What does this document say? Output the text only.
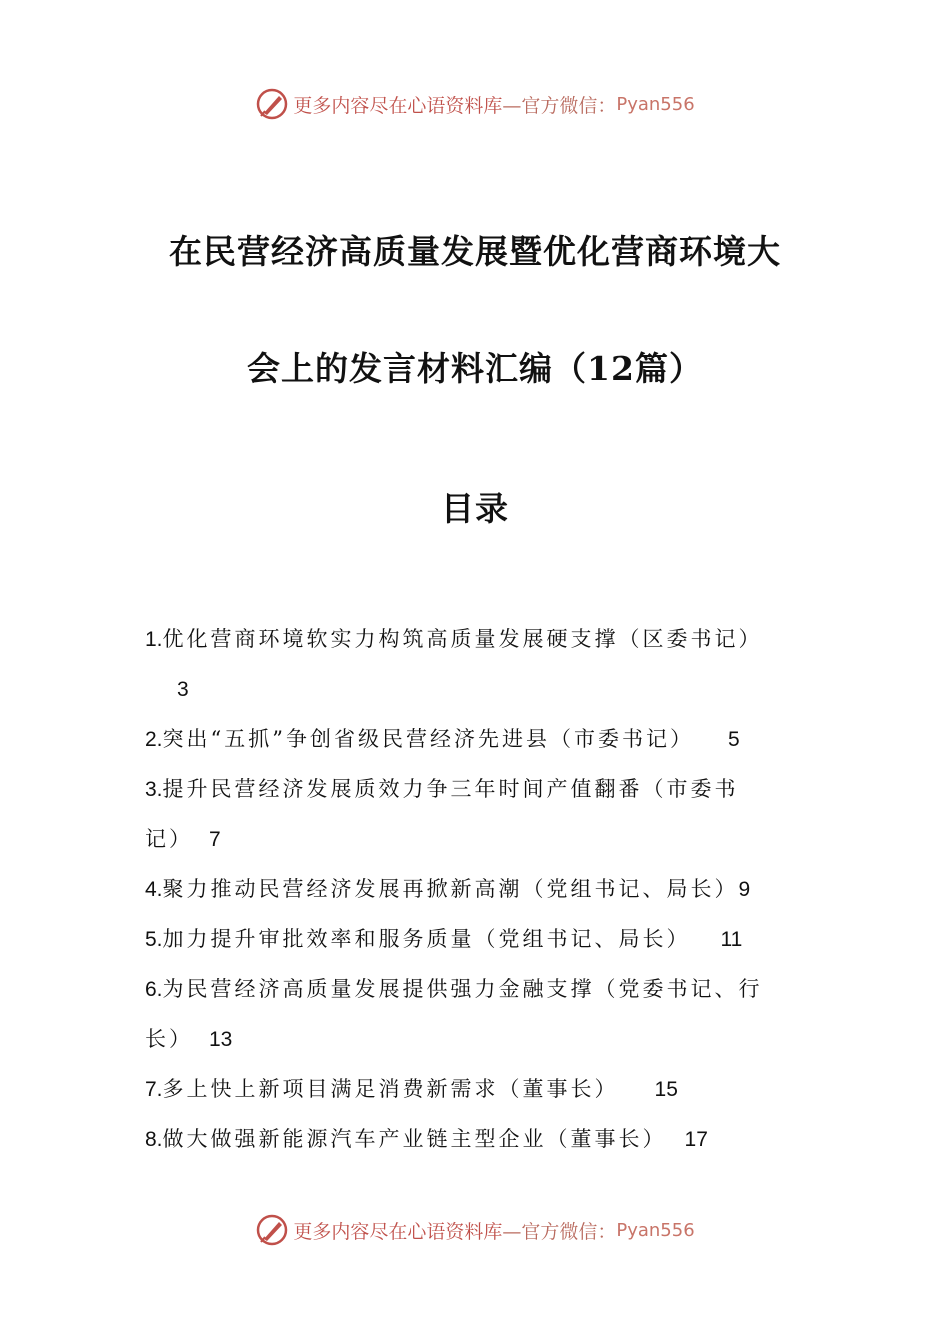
更多内容尽在心语资料库 —官方微信： Pyan556
在民营经济高质量发展暨优化营商环境大
会上的发言材料汇编（12篇）
目录
1.优化营商环境软实力构筑高质量发展硬支撑（区委书记）
3
2.突出“五抓”争创省级民营经济先进县（市委书记） 5
3.提升民营经济发展质效力争三年时间产值翻番（市委书
记） 7
4.聚力推动民营经济发展再掀新高潮（党组书记、局长）9
5.加力提升审批效率和服务质量（党组书记、局长） 11
6.为民营经济高质量发展提供强力金融支撑（党委书记、行
长） 13
7.多上快上新项目满足消费新需求（董事长） 15
8.做大做强新能源汽车产业链主型企业（董事长） 17
更多内容尽在心语资料库 —官方微信： Pyan556
